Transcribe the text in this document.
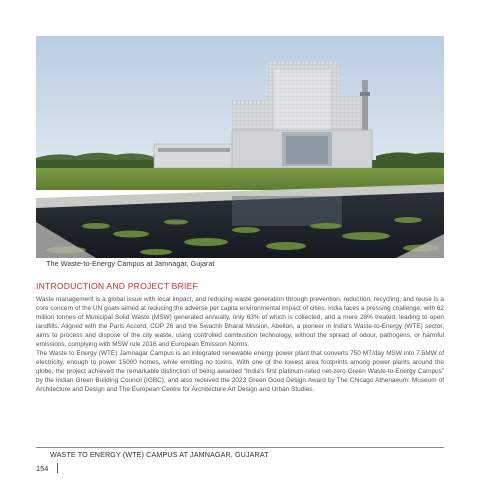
The Waste-to-Energy Campus at Jamnagar, Gujarat
INTRODUCTION AND PROJECT BRIEF

Waste management is a global issue with local impact, and reducing waste generation through prevention, reduction, recycling, and reuse is a core concern of the UN goals aimed at reducing the adverse per capita environmental impact of cities. India faces a pressing challenge, with 62 million tonnes of Municipal Solid Waste (MSW) generated annually, only 63% of which is collected, and a mere 28% treated, leading to open landfills. Aligned with the Paris Accord, COP 26 and the Swachh Bharat Mission, Abellon, a pioneer in India's Waste-to-Energy (WTE) sector, aims to process and dispose of the city waste, using controlled combustion technology, without the spread of odour, pathogens, or harmful emissions, complying with MSW rule 2016 and European Emission Norms.

The Waste to Energy (WTE) Jamnagar Campus is an integrated renewable energy power plant that converts 750 MT/day MSW into 7.5MW of electricity, enough to power 15000 homes, while emitting no toxins. With one of the lowest area footprints among power plants around the globe, the project achieved the remarkable distinction of being awarded “India's first platinum-rated net-zero Green Waste-to-Energy Campus” by the Indian Green Building Council (IGBC), and also received the 2023 Green Good Design Award by The Chicago Athenaeum: Museum of Architecture and Design and The European Centre for Architecture Art Design and Urban Studies.

WASTE TO ENERGY (WTE) CAMPUS AT JAMNAGAR, GUJARAT
154
